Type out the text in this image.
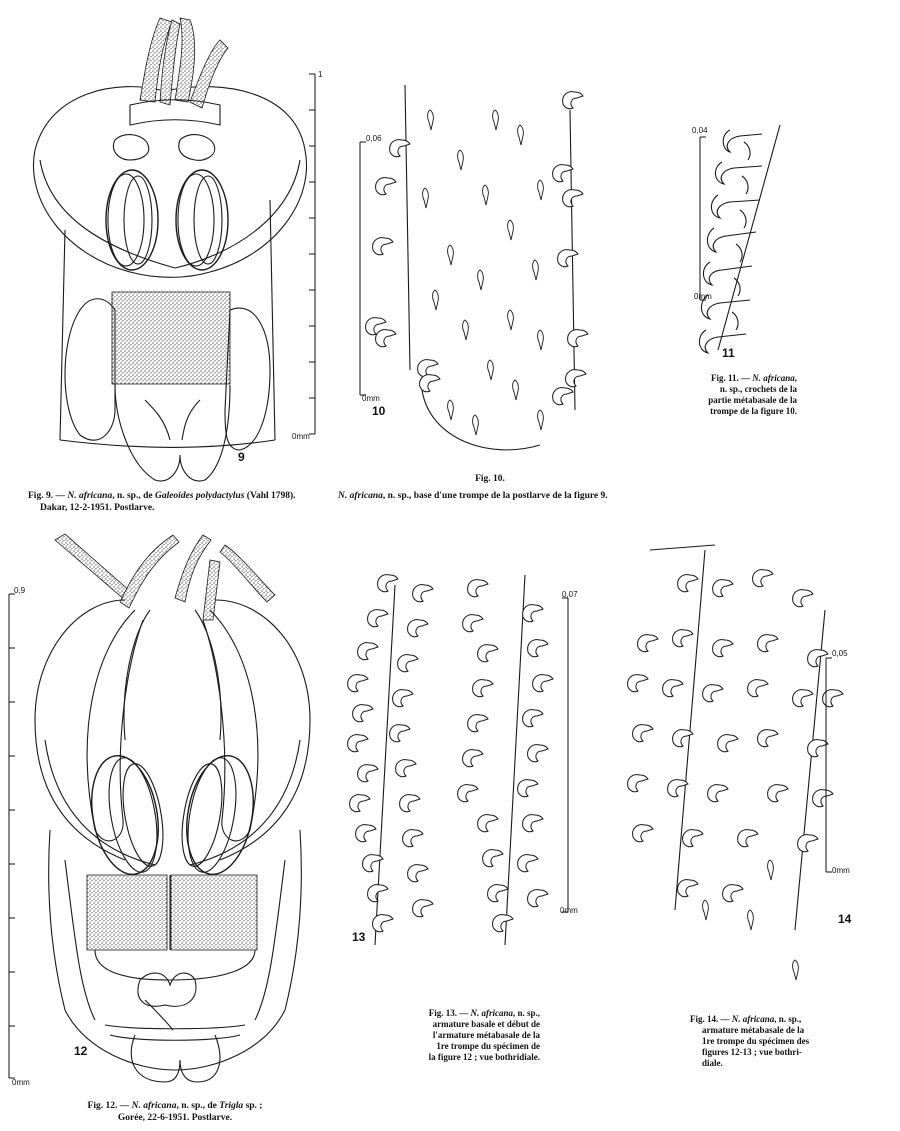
1
0mm
9
Fig. 9. — N. africana, n. sp., de Galeoides polydactylus (Vahl 1798).
Dakar, 12-2-1951. Postlarve.
0,06
0mm
10
Fig. 10.
N. africana, n. sp., base d'une trompe de la postlarve de la figure 9.
0,04
0mm
11
Fig. 11. — N. africana,
n. sp., crochets de la
partie métabasale de la
trompe de la figure 10.
0,9
0mm
12
Fig. 12. — N. africana, n. sp., de Trigla sp. ;
Gorée, 22-6-1951. Postlarve.
0,07
0mm
13
Fig. 13. — N. africana, n. sp.,
armature basale et début de
l'armature métabasale de la
1re trompe du spécimen de
la figure 12 ; vue bothridiale.
0,05
0mm
14
Fig. 14. — N. africana, n. sp.,
armature métabasale de la
1re trompe du spécimen des
figures 12-13 ; vue bothri-
diale.
